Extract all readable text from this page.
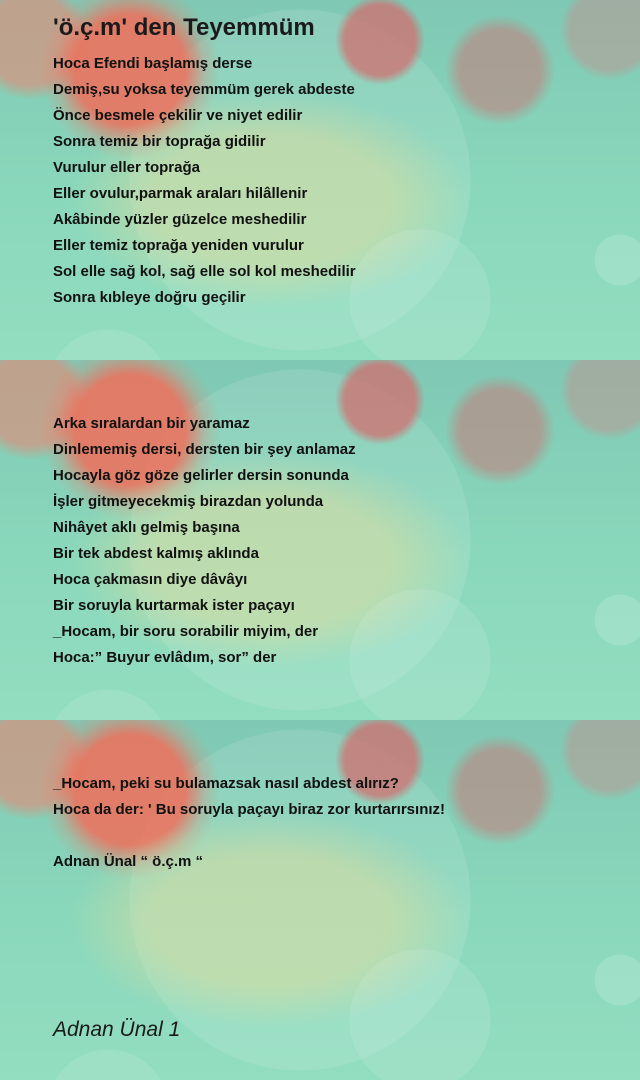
'ö.ç.m' den Teyemmüm
Hoca Efendi başlamış derse
Demiş,su yoksa teyemmüm gerek abdeste
Önce besmele çekilir ve niyet edilir
Sonra temiz bir toprağa gidilir
Vurulur eller toprağa
Eller ovulur,parmak araları hilâllenir
Akâbinde yüzler güzelce meshedilir
Eller temiz toprağa yeniden vurulur
Sol elle sağ kol, sağ elle sol kol meshedilir
Sonra kıbleye doğru geçilir
Arka sıralardan bir yaramaz
Dinlememiş dersi, dersten bir şey anlamaz
Hocayla göz göze gelirler dersin sonunda
İşler gitmeyecekmiş birazdan yolunda
Nihâyet aklı gelmiş başına
Bir tek abdest kalmış aklında
Hoca çakmasın diye dâvâyı
Bir soruyla kurtarmak ister paçayı
_Hocam, bir soru sorabilir miyim, der
Hoca:” Buyur evlâdım, sor” der
_Hocam, peki su bulamazsak nasıl abdest alırız?
Hoca da der: ' Bu soruyla paçayı biraz zor kurtarırsınız!
Adnan Ünal “ ö.ç.m “
Adnan Ünal 1
